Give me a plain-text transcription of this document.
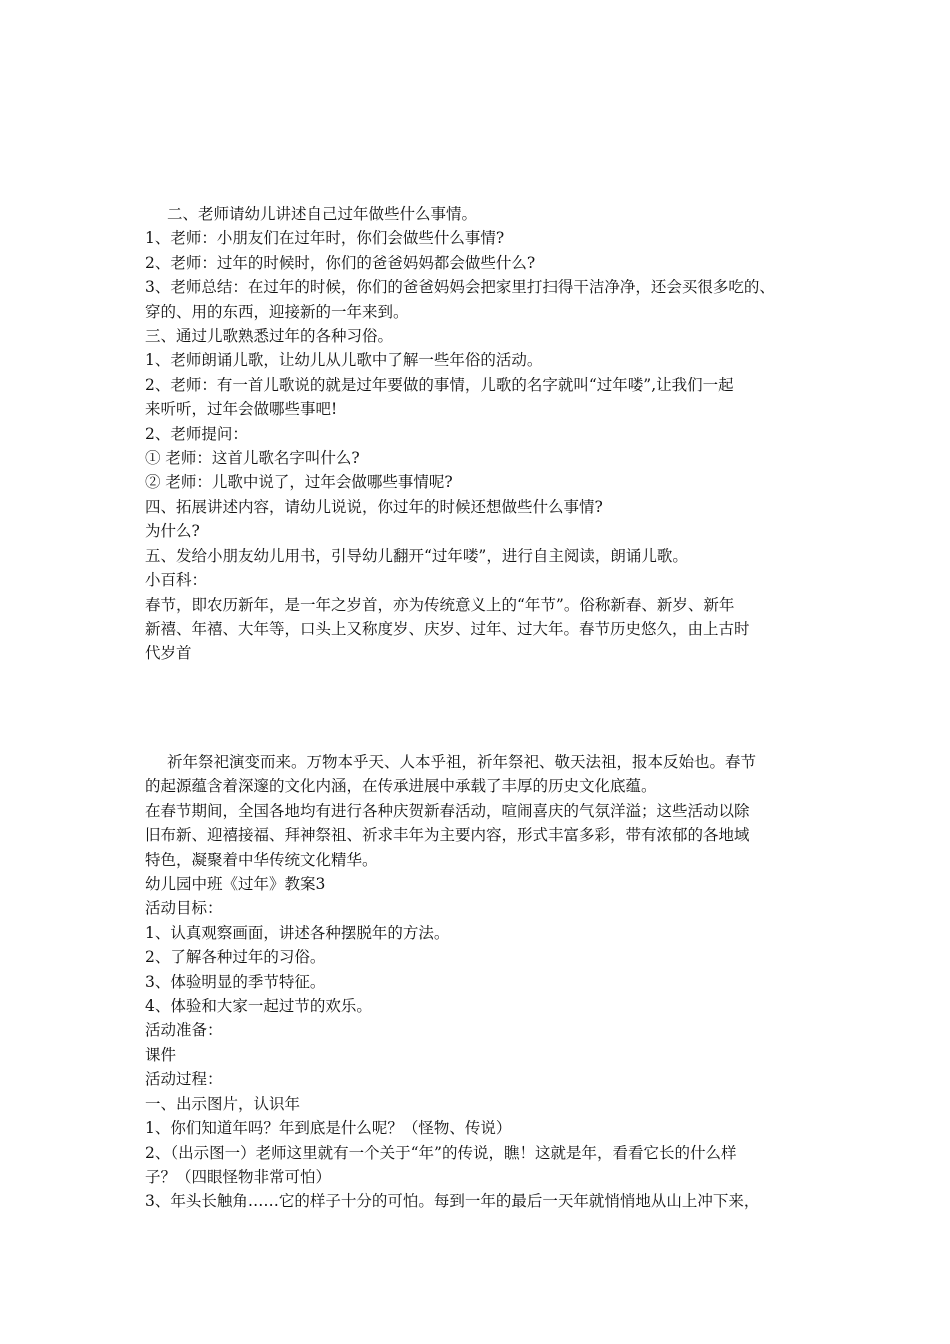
二、老师请幼儿讲述自己过年做些什么事情。

1、老师：小朋友们在过年时，你们会做些什么事情?

2、老师：过年的时候时，你们的爸爸妈妈都会做些什么?

3、老师总结：在过年的时候，你们的爸爸妈妈会把家里打扫得干洁净净，还会买很多吃的、

穿的、用的东西，迎接新的一年来到。

三、通过儿歌熟悉过年的各种习俗。

1、老师朗诵儿歌，让幼儿从儿歌中了解一些年俗的活动。

2、老师：有一首儿歌说的就是过年要做的事情，儿歌的名字就叫“过年喽”,让我们一起

来听听，过年会做哪些事吧!

2、老师提问：

① 老师：这首儿歌名字叫什么?

② 老师：儿歌中说了，过年会做哪些事情呢?

四、拓展讲述内容，请幼儿说说，你过年的时候还想做些什么事情?

为什么?

五、发给小朋友幼儿用书，引导幼儿翻开“过年喽”，进行自主阅读，朗诵儿歌。

小百科：

春节，即农历新年，是一年之岁首，亦为传统意义上的“年节”。俗称新春、新岁、新年

新禧、年禧、大年等，口头上又称度岁、庆岁、过年、过大年。春节历史悠久，由上古时

代岁首

祈年祭祀演变而来。万物本乎天、人本乎祖，祈年祭祀、敬天法祖，报本反始也。春节

的起源蕴含着深邃的文化内涵，在传承进展中承载了丰厚的历史文化底蕴。

在春节期间，全国各地均有进行各种庆贺新春活动，喧闹喜庆的气氛洋溢；这些活动以除

旧布新、迎禧接福、拜神祭祖、祈求丰年为主要内容，形式丰富多彩，带有浓郁的各地域

特色，凝聚着中华传统文化精华。

幼儿园中班《过年》教案3

活动目标：

1、认真观察画面，讲述各种摆脱年的方法。

2、了解各种过年的习俗。

3、体验明显的季节特征。

4、体验和大家一起过节的欢乐。

活动准备：

课件

活动过程：

一、出示图片，认识年

1、你们知道年吗？年到底是什么呢？（怪物、传说）

2、（出示图一）老师这里就有一个关于“年”的传说，瞧！这就是年，看看它长的什么样

子？（四眼怪物非常可怕）

3、年头长触角……它的样子十分的可怕。每到一年的最后一天年就悄悄地从山上冲下来，
